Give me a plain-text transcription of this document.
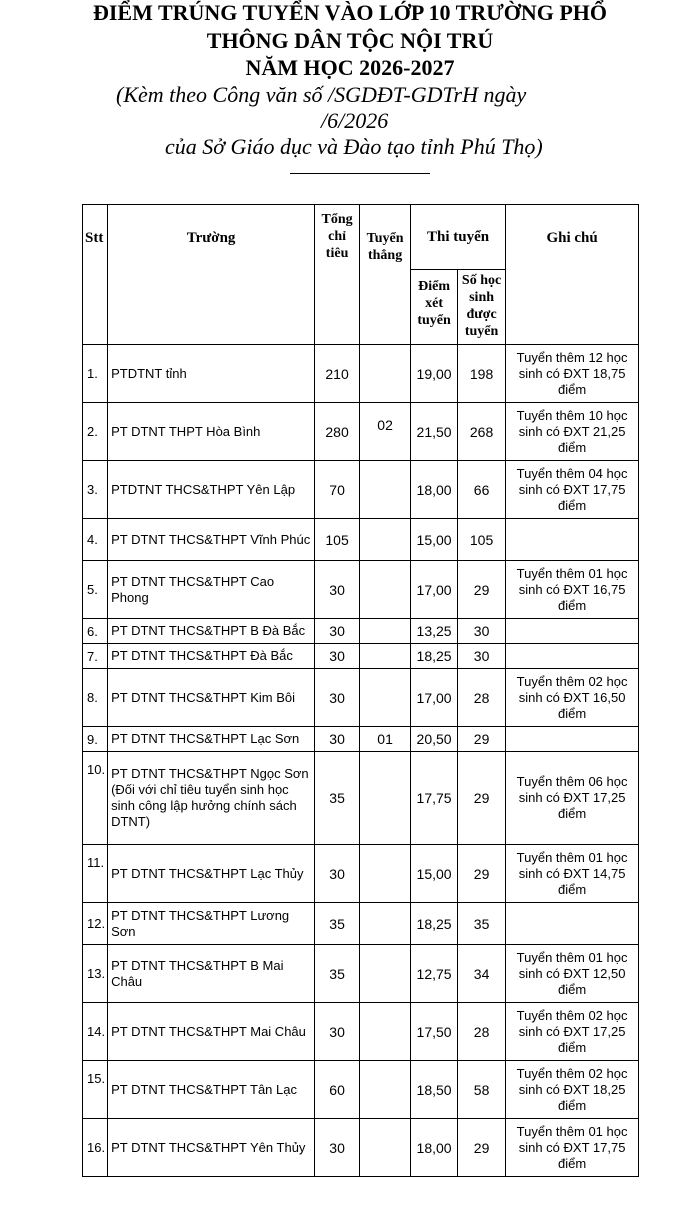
ĐIỂM TRÚNG TUYỂN VÀO LỚP 10 TRƯỜNG PHỔ
THÔNG DÂN TỘC NỘI TRÚ
NĂM HỌC 2026-2027
(Kèm theo Công văn số /SGDĐT-GDTrH ngày
/6/2026
của Sở Giáo dục và Đào tạo tỉnh Phú Thọ)
Stt	Trường	Tổng chỉ tiêu	Tuyển thẳng	Thi tuyển		Ghi chú
				Điểm xét tuyển	Số học sinh được tuyển	
1.	PTDTNT tỉnh	210		19,00	198	Tuyển thêm 12 học sinh có ĐXT 18,75 điểm
2.	PT DTNT THPT Hòa Bình	280	02	21,50	268	Tuyển thêm 10 học sinh có ĐXT 21,25 điểm
3.	PTDTNT THCS&THPT Yên Lập	70		18,00	66	Tuyển thêm 04 học sinh có ĐXT 17,75 điểm
4.	PT DTNT THCS&THPT Vĩnh Phúc	105		15,00	105	
5.	PT DTNT THCS&THPT Cao Phong	30		17,00	29	Tuyển thêm 01 học sinh có ĐXT 16,75 điểm
6.	PT DTNT THCS&THPT B Đà Bắc	30		13,25	30	
7.	PT DTNT THCS&THPT Đà Bắc	30		18,25	30	
8.	PT DTNT THCS&THPT Kim Bôi	30		17,00	28	Tuyển thêm 02 học sinh có ĐXT 16,50 điểm
9.	PT DTNT THCS&THPT Lạc Sơn	30	01	20,50	29	
10.	PT DTNT THCS&THPT Ngọc Sơn (Đối với chỉ tiêu tuyển sinh học sinh công lập hưởng chính sách DTNT)	35		17,75	29	Tuyển thêm 06 học sinh có ĐXT 17,25 điểm
11.	PT DTNT THCS&THPT Lạc Thủy	30		15,00	29	Tuyển thêm 01 học sinh có ĐXT 14,75 điểm
12.	PT DTNT THCS&THPT Lương Sơn	35		18,25	35	
13.	PT DTNT THCS&THPT B Mai Châu	35		12,75	34	Tuyển thêm 01 học sinh có ĐXT 12,50 điểm
14.	PT DTNT THCS&THPT Mai Châu	30		17,50	28	Tuyển thêm 02 học sinh có ĐXT 17,25 điểm
15.	PT DTNT THCS&THPT Tân Lạc	60		18,50	58	Tuyển thêm 02 học sinh có ĐXT 18,25 điểm
16.	PT DTNT THCS&THPT Yên Thủy	30		18,00	29	Tuyển thêm 01 học sinh có ĐXT 17,75 điểm
